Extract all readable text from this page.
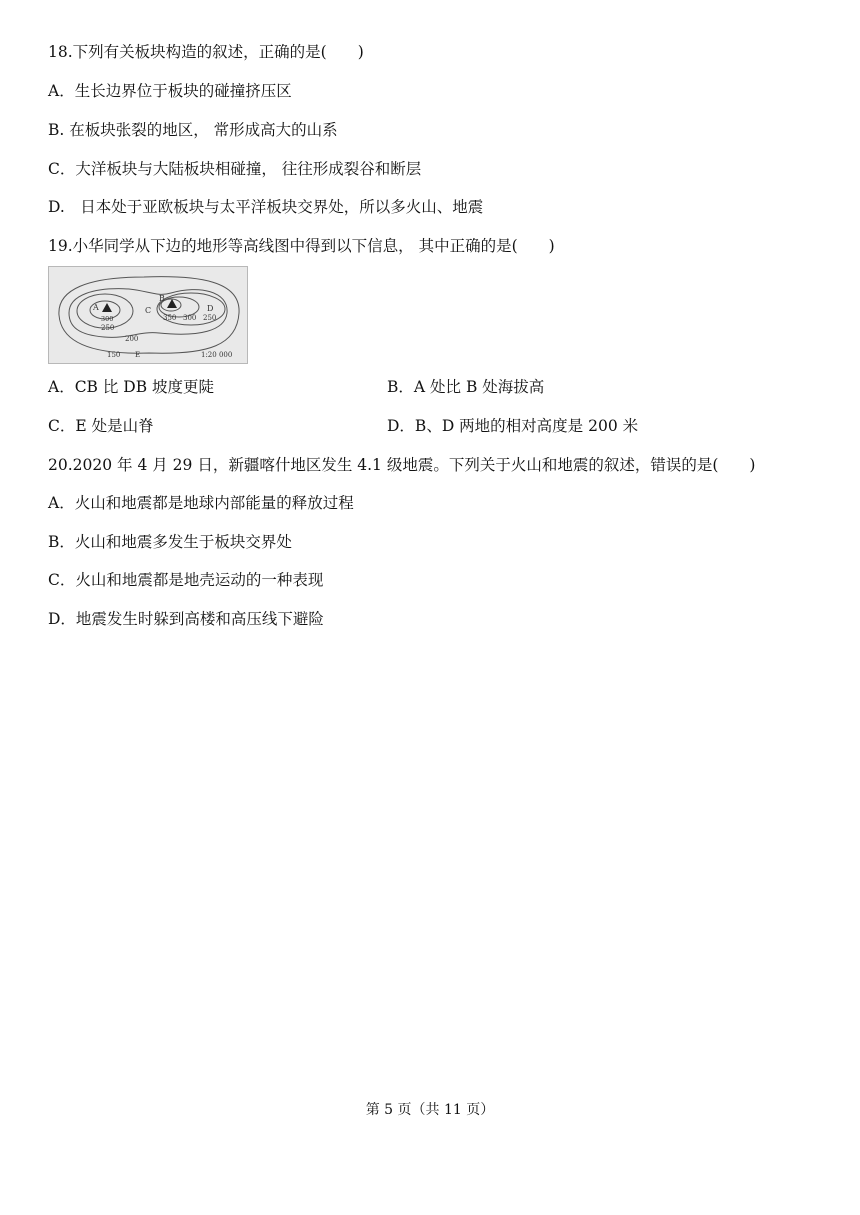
18.下列有关板块构造的叙述，正确的是(　　)
A．生长边界位于板块的碰撞挤压区
B. 在板块张裂的地区， 常形成高大的山系
C．大洋板块与大陆板块相碰撞， 往往形成裂谷和断层
D.　日本处于亚欧板块与太平洋板块交界处，所以多火山、地震
19.小华同学从下边的地形等高线图中得到以下信息， 其中正确的是(　　)
A
300
250
C
B
350 300
D
250
200
150 E	1:20 000
A．CB 比 DB 坡度更陡	B．A 处比 B 处海拔高
C．E 处是山脊	D．B、D 两地的相对高度是 200 米
20.2020 年 4 月 29 日，新疆喀什地区发生 4.1 级地震。下列关于火山和地震的叙述，错误的是(　　)
A．火山和地震都是地球内部能量的释放过程
B．火山和地震多发生于板块交界处
C．火山和地震都是地壳运动的一种表现
D．地震发生时躲到高楼和高压线下避险
第 5 页（共 11 页）
